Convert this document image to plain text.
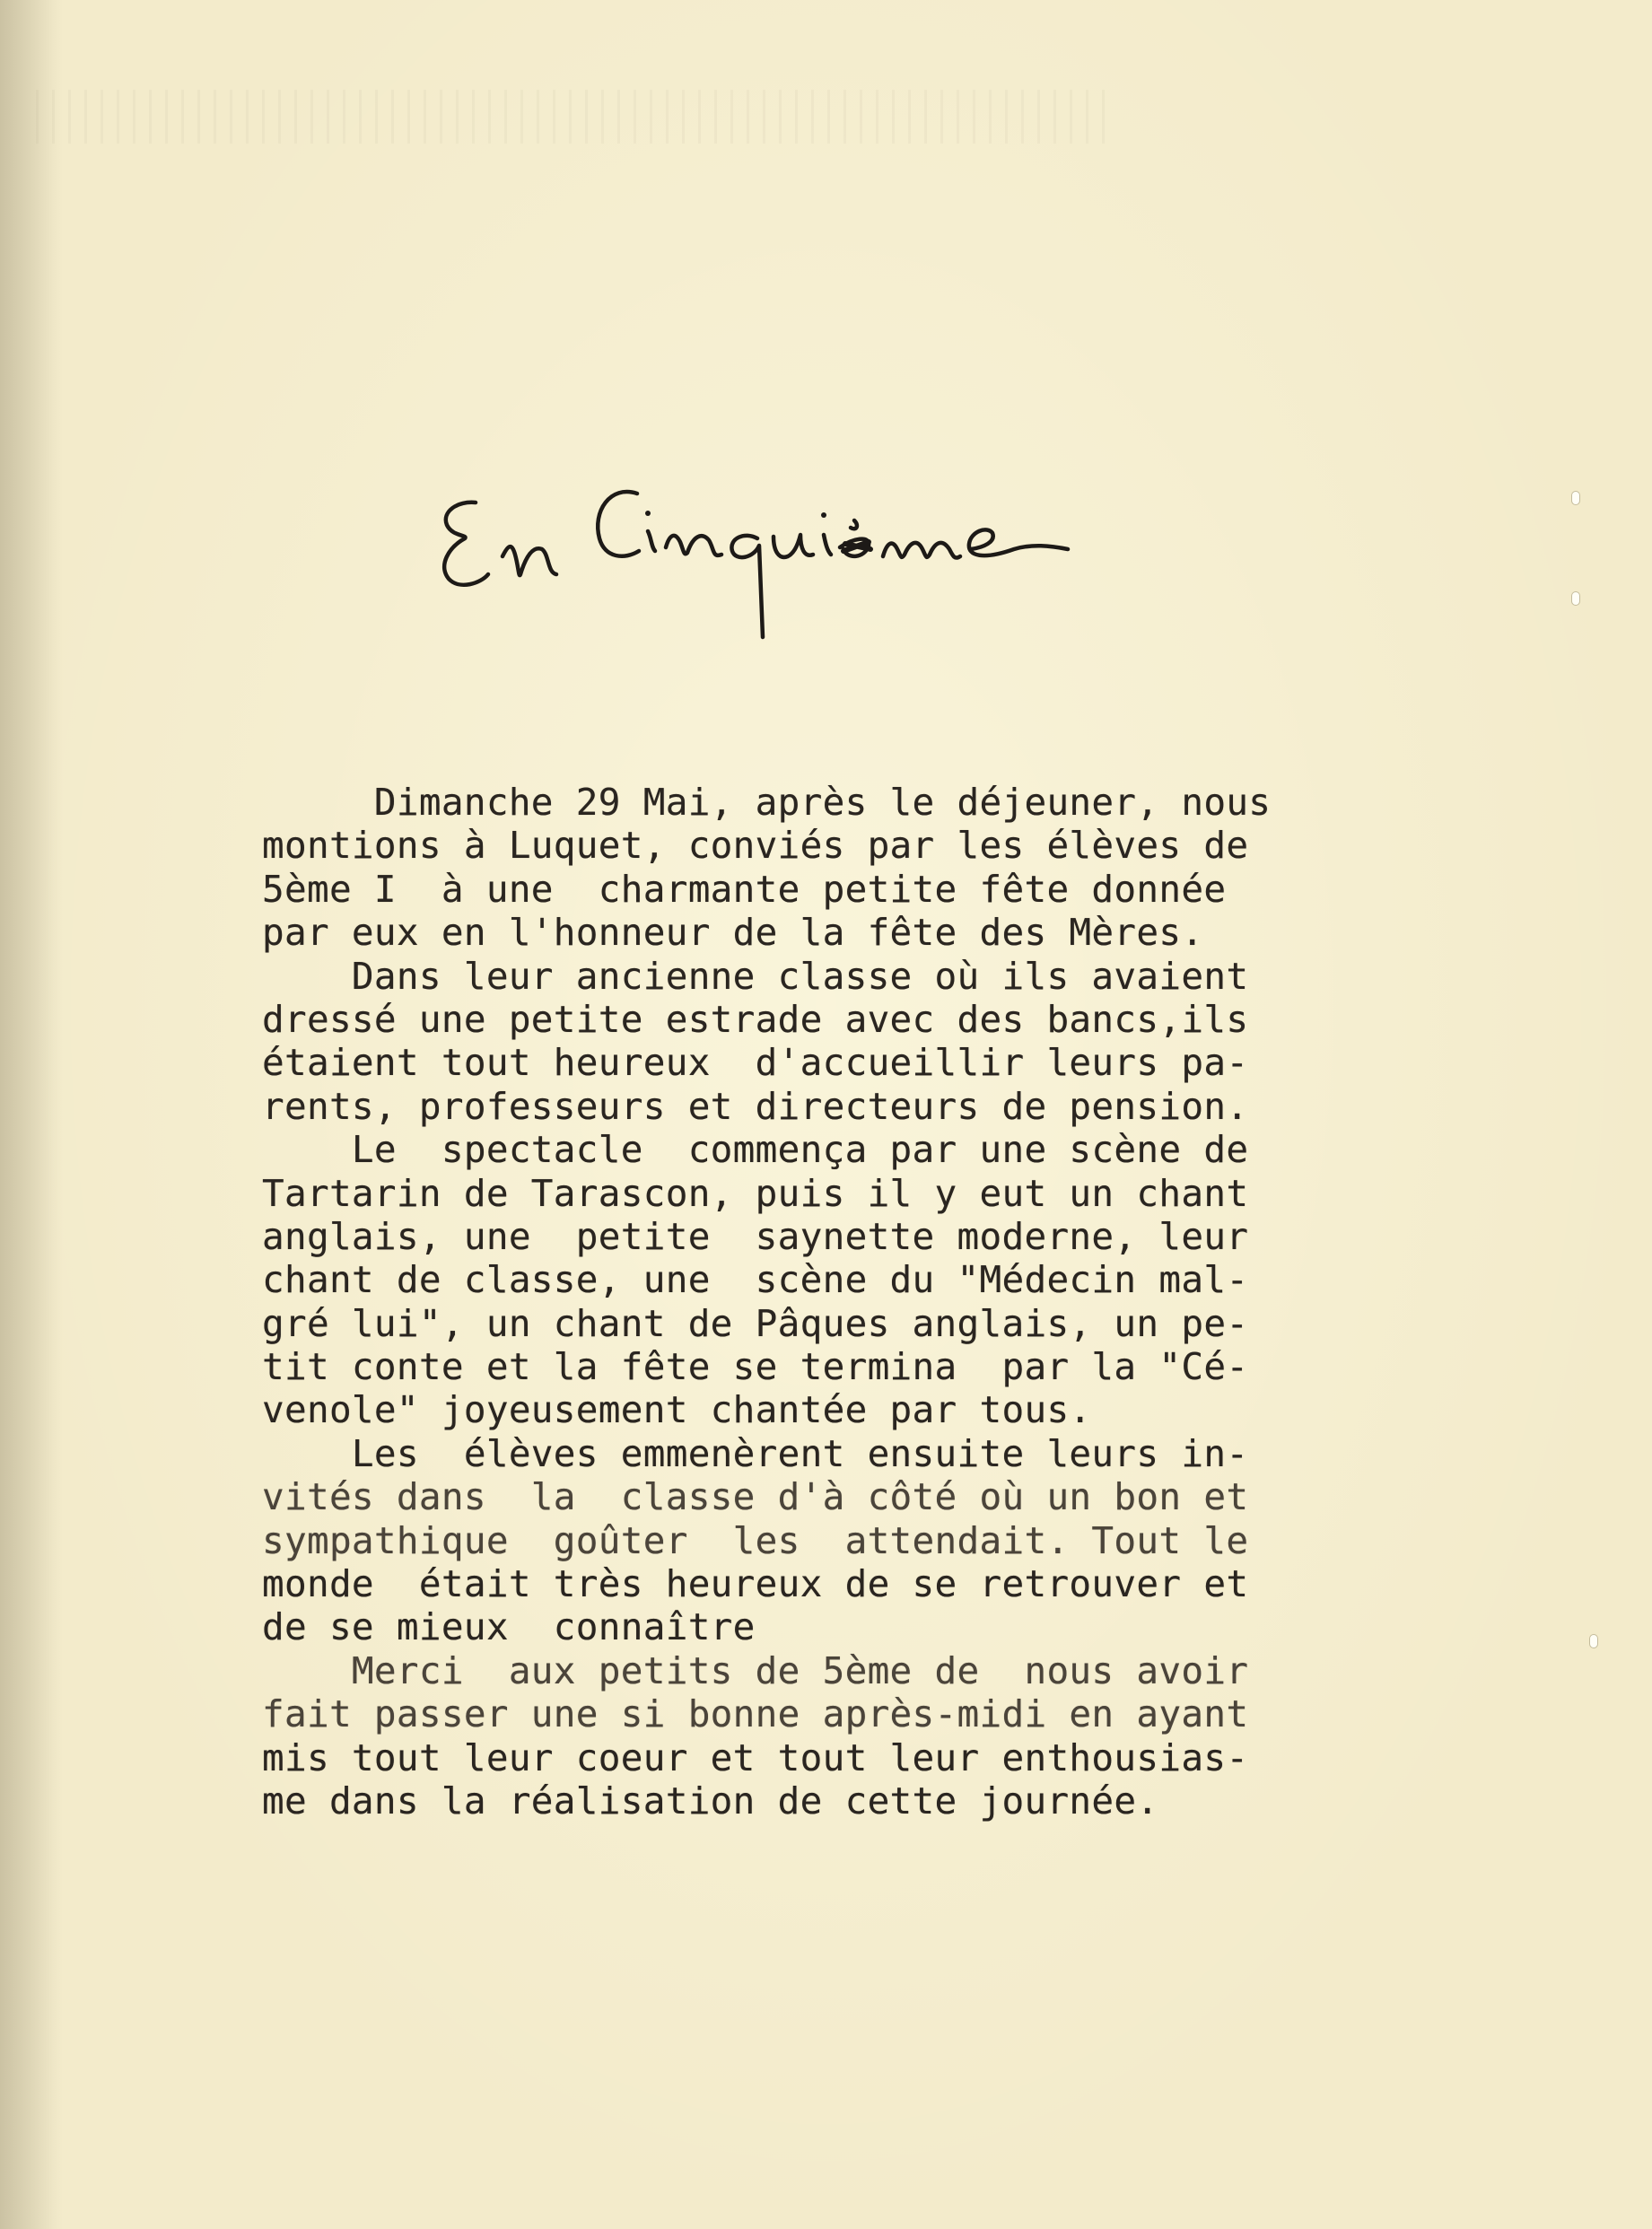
Dimanche 29 Mai, après le déjeuner, nous
montions à Luquet, conviés par les élèves de
5ème I  à une  charmante petite fête donnée
par eux en l'honneur de la fête des Mères.
Dans leur ancienne classe où ils avaient
dressé une petite estrade avec des bancs,ils
étaient tout heureux  d'accueillir leurs pa-
rents, professeurs et directeurs de pension.
Le  spectacle  commença par une scène de
Tartarin de Tarascon, puis il y eut un chant
anglais, une  petite  saynette moderne, leur
chant de classe, une  scène du "Médecin mal-
gré lui", un chant de Pâques anglais, un pe-
tit conte et la fête se termina  par la "Cé-
venole" joyeusement chantée par tous.
Les  élèves emmenèrent ensuite leurs in-
vités dans  la  classe d'à côté où un bon et
sympathique  goûter  les  attendait. Tout le
monde  était très heureux de se retrouver et
de se mieux  connaître
Merci  aux petits de 5ème de  nous avoir
fait passer une si bonne après-midi en ayant
mis tout leur coeur et tout leur enthousias-
me dans la réalisation de cette journée.
